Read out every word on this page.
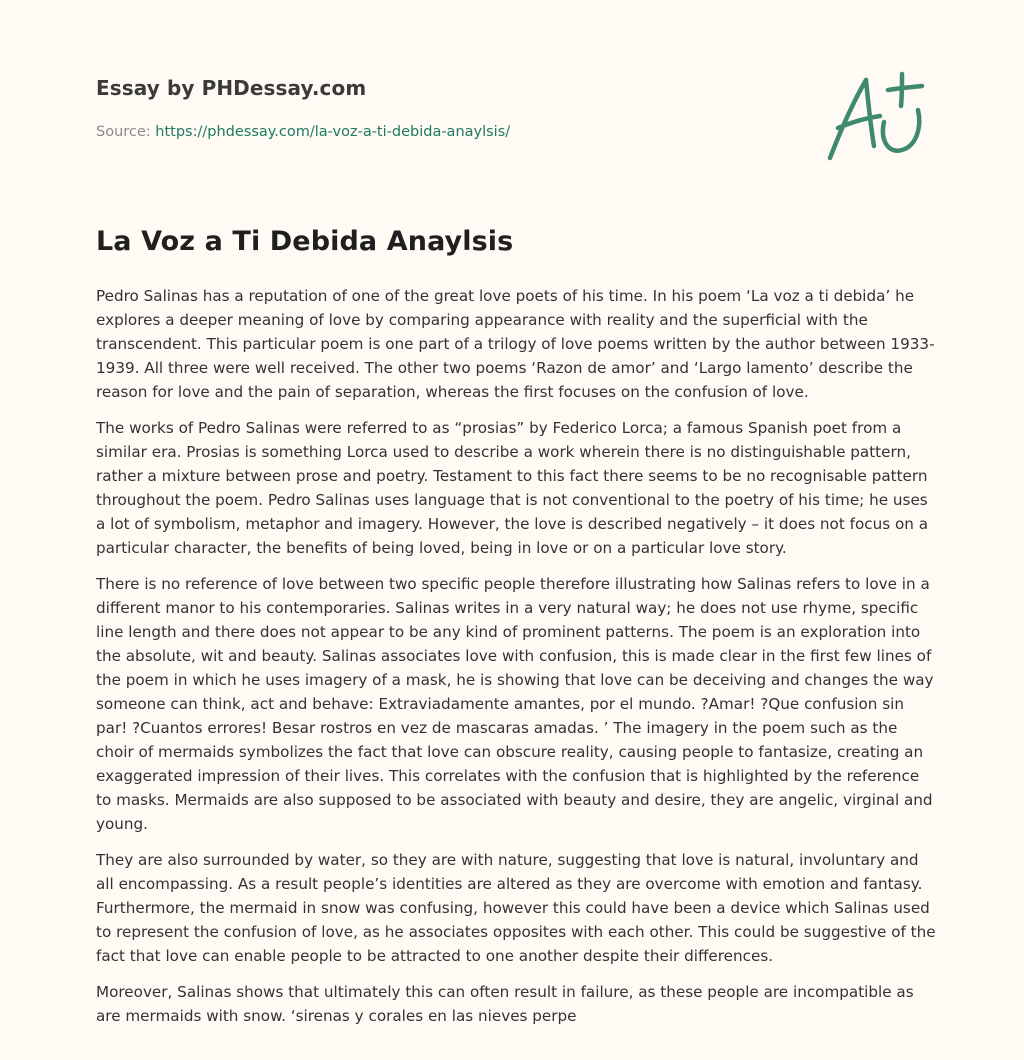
Essay by PHDessay.com
Source: https://phdessay.com/la-voz-a-ti-debida-anaylsis/
La Voz a Ti Debida Anaylsis

Pedro Salinas has a reputation of one of the great love poets of his time. In his poem ‘La voz a ti debida’ he explores a deeper meaning of love by comparing appearance with reality and the superficial with the transcendent. This particular poem is one part of a trilogy of love poems written by the author between 1933-1939. All three were well received. The other two poems ‘Razon de amor’ and ‘Largo lamento’ describe the reason for love and the pain of separation, whereas the first focuses on the confusion of love.

The works of Pedro Salinas were referred to as “prosias” by Federico Lorca; a famous Spanish poet from a similar era. Prosias is something Lorca used to describe a work wherein there is no distinguishable pattern, rather a mixture between prose and poetry. Testament to this fact there seems to be no recognisable pattern throughout the poem. Pedro Salinas uses language that is not conventional to the poetry of his time; he uses a lot of symbolism, metaphor and imagery. However, the love is described negatively – it does not focus on a particular character, the benefits of being loved, being in love or on a particular love story.

There is no reference of love between two specific people therefore illustrating how Salinas refers to love in a different manor to his contemporaries. Salinas writes in a very natural way; he does not use rhyme, specific line length and there does not appear to be any kind of prominent patterns. The poem is an exploration into the absolute, wit and beauty. Salinas associates love with confusion, this is made clear in the first few lines of the poem in which he uses imagery of a mask, he is showing that love can be deceiving and changes the way someone can think, act and behave: Extraviadamente amantes, por el mundo. ?Amar! ?Que confusion sin par! ?Cuantos errores! Besar rostros en vez de mascaras amadas. ’ The imagery in the poem such as the choir of mermaids symbolizes the fact that love can obscure reality, causing people to fantasize, creating an exaggerated impression of their lives. This correlates with the confusion that is highlighted by the reference to masks. Mermaids are also supposed to be associated with beauty and desire, they are angelic, virginal and young.

They are also surrounded by water, so they are with nature, suggesting that love is natural, involuntary and all encompassing. As a result people’s identities are altered as they are overcome with emotion and fantasy. Furthermore, the mermaid in snow was confusing, however this could have been a device which Salinas used to represent the confusion of love, as he associates opposites with each other. This could be suggestive of the fact that love can enable people to be attracted to one another despite their differences.

Moreover, Salinas shows that ultimately this can often result in failure, as these people are incompatible as are mermaids with snow. ‘sirenas y corales en las nieves perpe
